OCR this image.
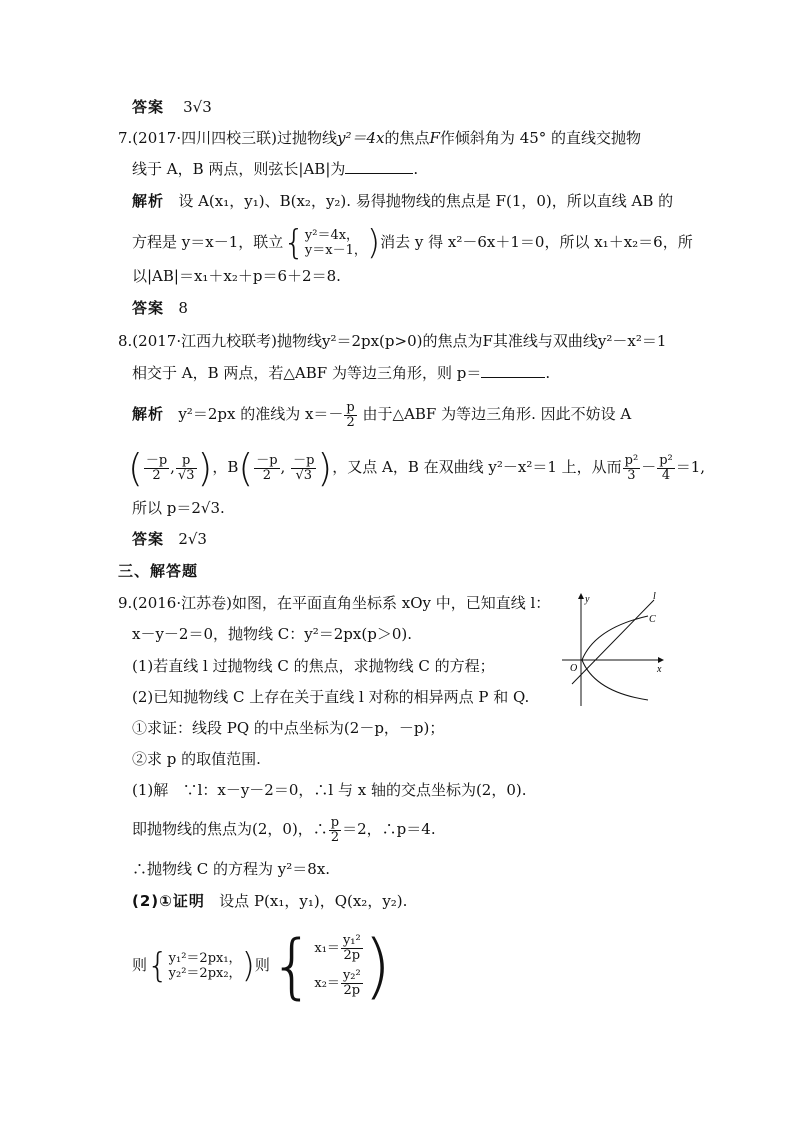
答案 3√3
7.(2017·四川四校三联)过抛物线y²＝4x的焦点F作倾斜角为 45° 的直线交抛物
线于 A，B 两点，则弦长|AB|为	.
解析 设 A(x₁，y₁)、B(x₂，y₂). 易得抛物线的焦点是 F(1，0)，所以直线 AB 的
方程是 y＝x－1，联立{ y²＝4x，
y＝x－1， )消去 y 得 x²－6x＋1＝0，所以 x₁＋x₂＝6，所
以|AB|＝x₁＋x₂＋p＝6＋2＝8.
答案 8
8.(2017·江西九校联考)抛物线y²＝2px(p>0)的焦点为F其准线与双曲线y²－x²＝1
相交于 A，B 两点，若△ABF 为等边三角形，则 p＝	.
解析 y²＝2px 的准线为 $x=- \frac{p}{2}$ 由于△ABF 为等边三角形. 因此不妨设 A
( $\frac{-p}{2}$ , $\frac{p}{√3}$ )，$B( \frac{-p}{2}$ , $\frac{-p}{√3}$ )，又点 A，B 在双曲线 y²－x²＝1 上，从而 $\frac{\text{p²}}{3} - \frac{\text{p²}}{4} =1$,
所以 p＝2√3.
答案 2√3
三、解答题
9.(2016·江苏卷)如图，在平面直角坐标系 xOy 中，已知直线 l：
x－y－2＝0，抛物线 C：y²＝2px(p＞0).
(1)若直线 l 过抛物线 C 的焦点，求抛物线 C 的方程；
(2)已知抛物线 C 上存在关于直线 l 对称的相异两点 P 和 Q.
①求证：线段 PQ 的中点坐标为(2－p，－p)；
②求 p 的取值范围.
(1)解 ∵l：x－y－2＝0，∴l 与 x 轴的交点坐标为(2，0).
即抛物线的焦点为(2，0)，∴ $\frac{p}{2} =2$，∴p＝4.
∴抛物线 C 的方程为 y²＝8x.
(2)①证明 设点 P(x₁，y₁)，Q(x₂，y₂).
则{ y₁²＝2px₁，
y₂²＝2px₂， )则{ $x_1= \frac{\text{y₁²}}{2p}$
$x_2= \frac{\text{y₂²}}{2p}$ )
y
x
O
l
C
